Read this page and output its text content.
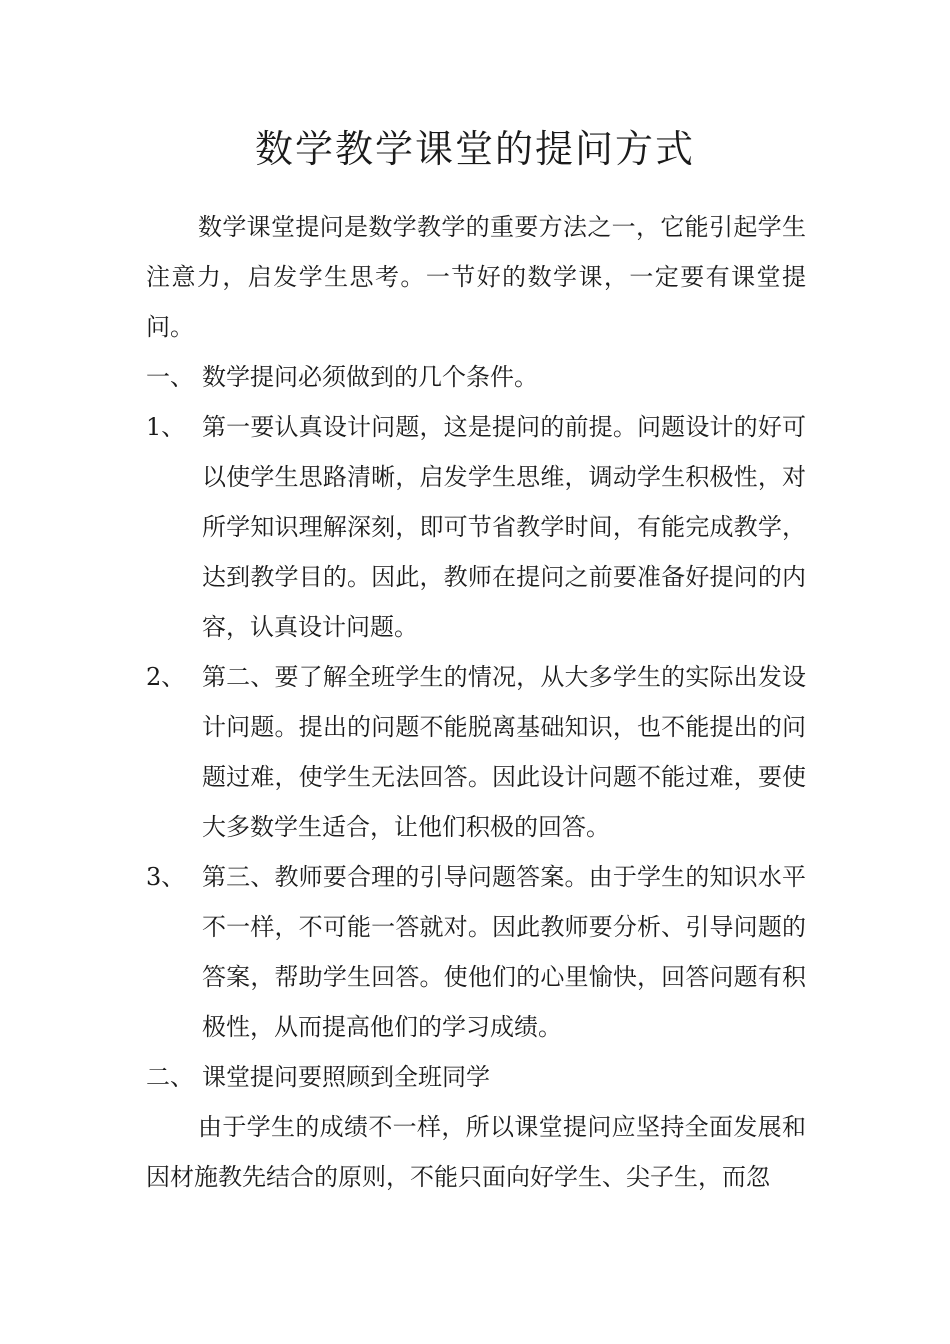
数学教学课堂的提问方式

数学课堂提问是数学教学的重要方法之一，它能引起学生注意力，启发学生思考。一节好的数学课，一定要有课堂提问。

一、 数学提问必须做到的几个条件。
1、 第一要认真设计问题，这是提问的前提。问题设计的好可以使学生思路清晰，启发学生思维，调动学生积极性，对所学知识理解深刻，即可节省教学时间，有能完成教学，达到教学目的。因此，教师在提问之前要准备好提问的内容，认真设计问题。

2、 第二、要了解全班学生的情况，从大多学生的实际出发设计问题。提出的问题不能脱离基础知识，也不能提出的问题过难，使学生无法回答。因此设计问题不能过难，要使大多数学生适合，让他们积极的回答。

3、 第三、教师要合理的引导问题答案。由于学生的知识水平不一样，不可能一答就对。因此教师要分析、引导问题的答案，帮助学生回答。使他们的心里愉快，回答问题有积极性，从而提高他们的学习成绩。

二、 课堂提问要照顾到全班同学

由于学生的成绩不一样，所以课堂提问应坚持全面发展和因材施教先结合的原则，不能只面向好学生、尖子生，而忽
